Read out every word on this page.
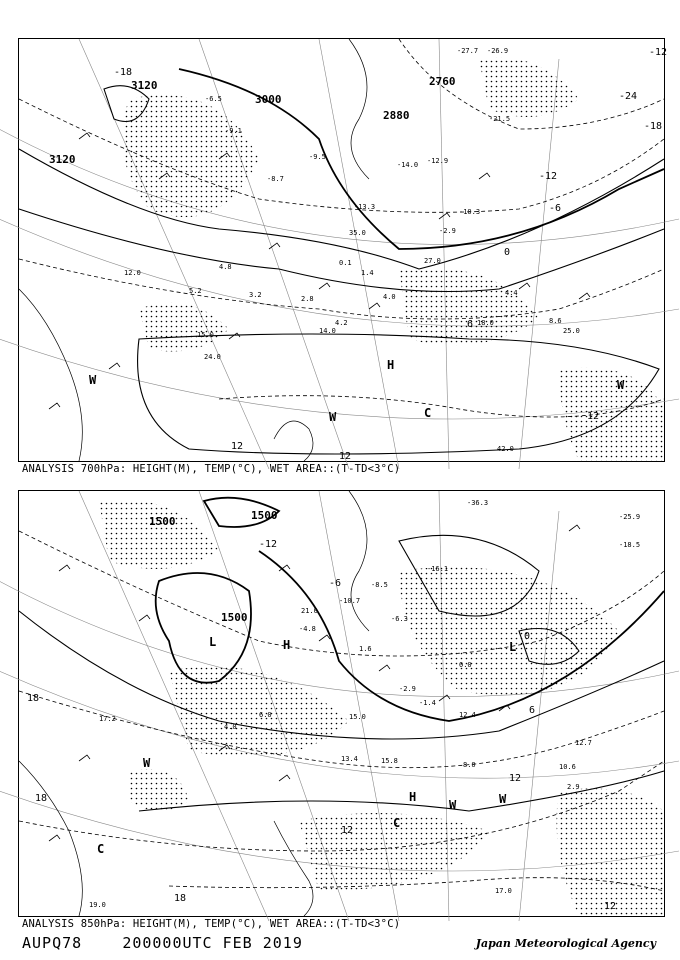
3120
3120
3000
2880
2760
-18
-12
-6
0
6
12
12
12
-12
-18
-24
H
W
W	C
W
-27.7 -26.9
-21.5
-14.0 -12.9
-13.3
-10.3
-9.5
-9.1
-8.7
-6.5
-2.9
0.1
1.4
2.8
3.2	4.0
4.2
4.4
4.8
5.2
8.6
12.0
14.0
15.0
18.0
24.0
25.0
27.0
35.0
42.0
ANALYSIS 700hPa: HEIGHT(M), TEMP(°C), WET AREA::(T-TD<3°C)
1500
1500
1500
-12
-6
0
6
12
12
18
18
18
12
L	L
H
H
W
W	W
C
C
-36.3
-25.9
-18.5
-16.1
-10.7
-8.5
-6.3
-4.8
-2.9
-1.4
0.0
1.6
2.9
4.0
6.0
8.0	10.6
12.4
12.7
13.4
15.0
15.8
17.0
17.2
19.0
21.0
ANALYSIS 850hPa: HEIGHT(M), TEMP(°C), WET AREA::(T-TD<3°C)
AUPQ78	200000UTC FEB 2019	Japan Meteorological Agency
